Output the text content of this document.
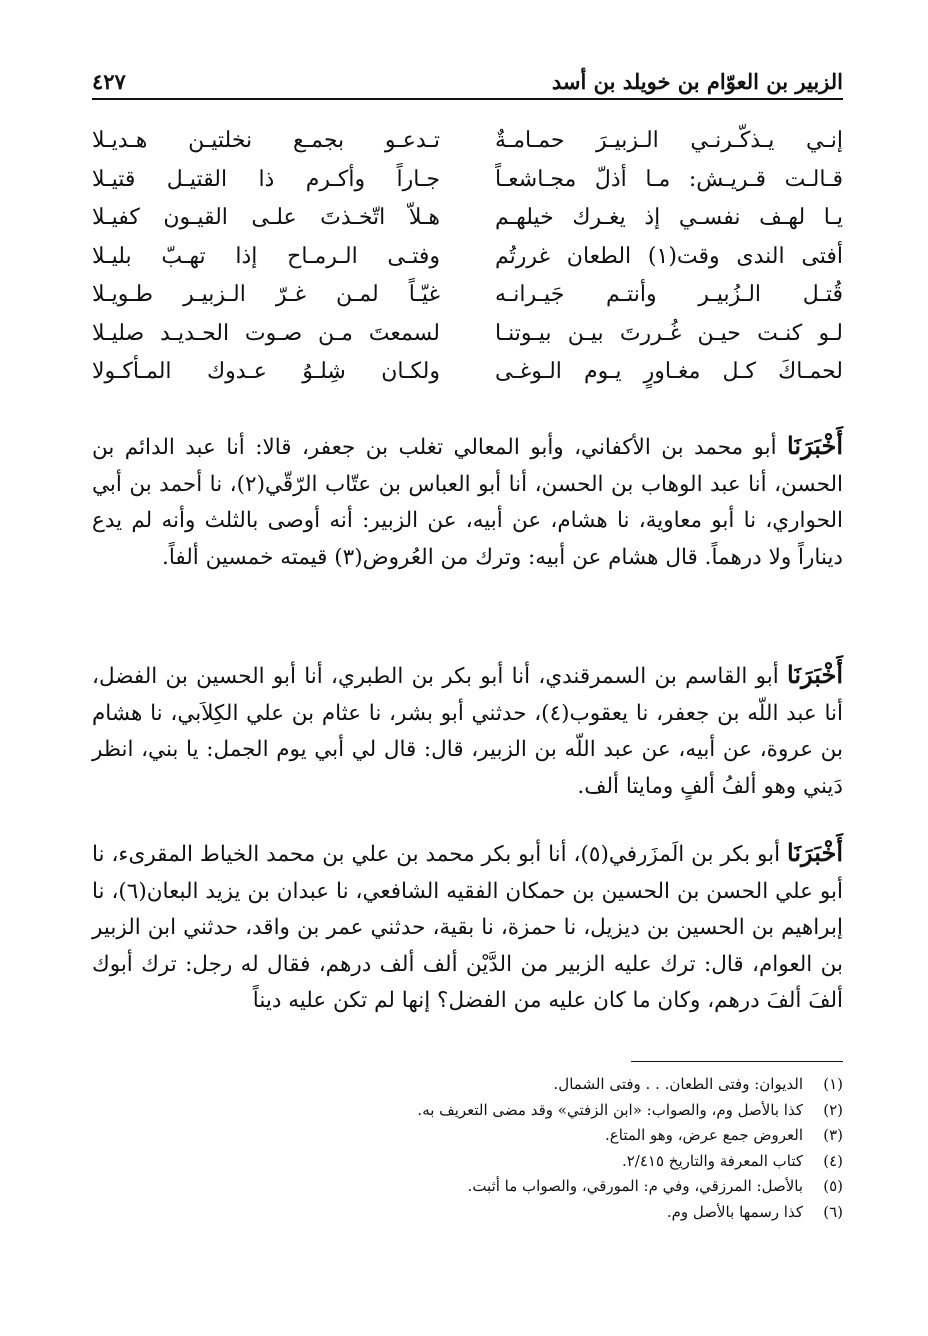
الزبير بن العوّام بن خويلد بن أسد
٤٢٧
إنـي يـذكّـرنـي الـزبيـرَ حمـامـةٌ
تـدعـو بجمـع نخلتيـن هـديـلا
قـالـت قـريـش: مـا أذلّ مجـاشعـاً
جـاراً وأكـرم ذا القتيـل قتيـلا
يـا لهـف نفسـي إذ يغـرك خيلهـم
هـلاّ اتّخـذتَ علـى القيـون كفيـلا
أفتى الندى وقت(١) الطعان غررتُم
وفتـى الـرمـاح إذا تهـبّ بليـلا
قُتـل الـزُبيـر وأنتـم جَيـرانـه
غيّـاً لمـن غـرّ الـزبيـر طـويـلا
لـو كنـت حيـن غُـررتَ بيـن بيـوتنـا
لسمعتَ مـن صـوت الحـديـد صليـلا
لحمـاكَ كـل مغـاورٍ يـوم الـوغـى
ولكـان شِلـوُ عـدوك المـأكـولا

أَخْبَرَنَا أبو محمد بن الأكفاني، وأبو المعالي تغلب بن جعفر، قالا: أنا عبد الدائم بن الحسن، أنا عبد الوهاب بن الحسن، أنا أبو العباس بن عتّاب الرّقّي(٢)، نا أحمد بن أبي الحواري، نا أبو معاوية، نا هشام، عن أبيه، عن الزبير: أنه أوصى بالثلث وأنه لم يدع ديناراً ولا درهماً. قال هشام عن أبيه: وترك من العُروض(٣) قيمته خمسين ألفاً.

أَخْبَرَنَا أبو القاسم بن السمرقندي، أنا أبو بكر بن الطبري، أنا أبو الحسين بن الفضل، أنا عبد اللّه بن جعفر، نا يعقوب(٤)، حدثني أبو بشر، نا عثام بن علي الكِلاَبي، نا هشام بن عروة، عن أبيه، عن عبد اللّه بن الزبير، قال: قال لي أبي يوم الجمل: يا بني، انظر دَيني وهو ألفُ ألفٍ ومايتا ألف.

أَخْبَرَنَا أبو بكر بن الَمزَرفي(٥)، أنا أبو بكر محمد بن علي بن محمد الخياط المقرىء، نا أبو علي الحسن بن الحسين بن حمكان الفقيه الشافعي، نا عبدان بن يزيد البعان(٦)، نا إبراهيم بن الحسين بن ديزيل، نا حمزة، نا بقية، حدثني عمر بن واقد، حدثني ابن الزبير بن العوام، قال: ترك عليه الزبير من الدَّيْن ألف ألف درهم، فقال له رجل: ترك أبوك ألفَ ألفَ درهم، وكان ما كان عليه من الفضل؟ إنها لم تكن عليه ديناً

(١)
الديوان: وفتى الطعان. . . وفتى الشمال.
(٢)
كذا بالأصل وم، والصواب: «ابن الزفتي» وقد مضى التعريف به.
(٣)
العروض جمع عرض، وهو المتاع.
(٤)
كتاب المعرفة والتاريخ ٢/٤١٥.
(٥)
بالأصل: المرزقي، وفي م: المورقي، والصواب ما أثبت.
(٦)
كذا رسمها بالأصل وم.
